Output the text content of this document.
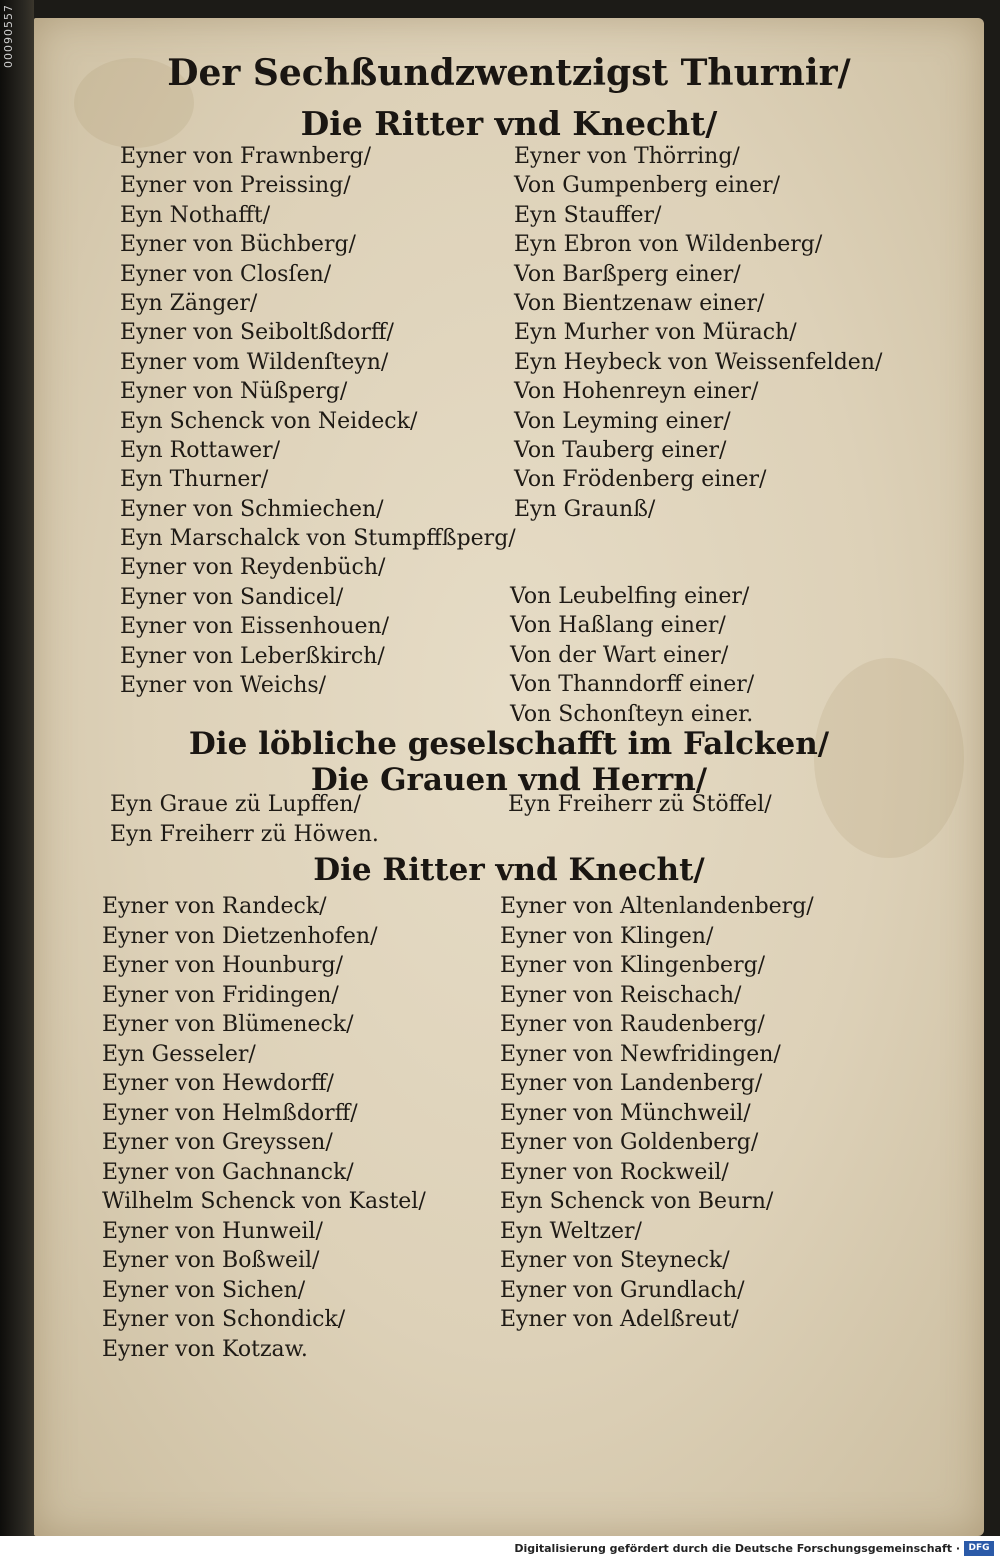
00090557
Der Sechßundzwentzigst Thurnir/
Die Ritter vnd Knecht/
Eyner von Frawnberg/
Eyner von Preissing/
Eyn Nothafft/
Eyner von Büchberg/
Eyner von Closſen/
Eyn Zänger/
Eyner von Seiboltßdorff/
Eyner vom Wildenſteyn/
Eyner von Nüßperg/
Eyn Schenck von Neideck/
Eyn Rottawer/
Eyn Thurner/
Eyner von Schmiechen/
Eyn Marschalck von Stumpffßperg/
Eyner von Reydenbüch/
Eyner von Sandicel/
Eyner von Eissenhouen/
Eyner von Leberßkirch/
Eyner von Weichs/
Eyner von Thörring/
Von Gumpenberg einer/
Eyn Stauffer/
Eyn Ebron von Wildenberg/
Von Barßperg einer/
Von Bientzenaw einer/
Eyn Murher von Mürach/
Eyn Heybeck von Weissenfelden/
Von Hohenreyn einer/
Von Leyming einer/
Von Tauberg einer/
Von Frödenberg einer/
Eyn Graunß/
Von Leubelfing einer/
Von Haßlang einer/
Von der Wart einer/
Von Thanndorff einer/
Von Schonſteyn einer.
Die löbliche geselschafft im Falcken/
Die Grauen vnd Herrn/
Eyn Graue zü Lupffen/
Eyn Freiherr zü Höwen.
Eyn Freiherr zü Stöffel/
Die Ritter vnd Knecht/
Eyner von Randeck/
Eyner von Dietzenhofen/
Eyner von Hounburg/
Eyner von Fridingen/
Eyner von Blümeneck/
Eyn Gesseler/
Eyner von Hewdorff/
Eyner von Helmßdorff/
Eyner von Greyssen/
Eyner von Gachnanck/
Wilhelm Schenck von Kastel/
Eyner von Hunweil/
Eyner von Boßweil/
Eyner von Sichen/
Eyner von Schondick/
Eyner von Kotzaw.
Eyner von Altenlandenberg/
Eyner von Klingen/
Eyner von Klingenberg/
Eyner von Reischach/
Eyner von Raudenberg/
Eyner von Newfridingen/
Eyner von Landenberg/
Eyner von Münchweil/
Eyner von Goldenberg/
Eyner von Rockweil/
Eyn Schenck von Beurn/
Eyn Weltzer/
Eyner von Steyneck/
Eyner von Grundlach/
Eyner von Adelßreut/
Digitalisierung gefördert durch die Deutsche Forschungsgemeinschaft · DFG
